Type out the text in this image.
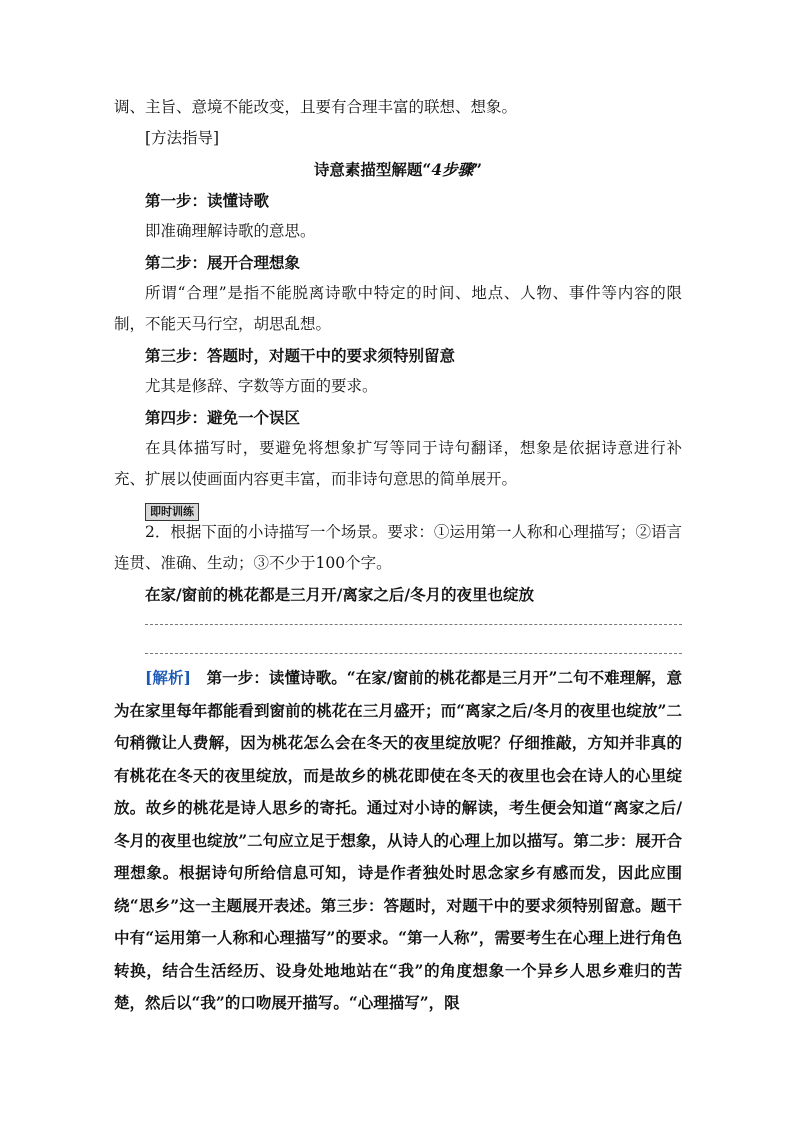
调、主旨、意境不能改变，且要有合理丰富的联想、想象。

[方法指导]

诗意素描型解题“4步骤”

第一步：读懂诗歌

即准确理解诗歌的意思。

第二步：展开合理想象

所谓“合理”是指不能脱离诗歌中特定的时间、地点、人物、事件等内容的限制，不能天马行空，胡思乱想。

第三步：答题时，对题干中的要求须特别留意

尤其是修辞、字数等方面的要求。

第四步：避免一个误区

在具体描写时，要避免将想象扩写等同于诗句翻译，想象是依据诗意进行补充、扩展以使画面内容更丰富，而非诗句意思的简单展开。

即时训练

2．根据下面的小诗描写一个场景。要求：①运用第一人称和心理描写；②语言连贯、准确、生动；③不少于100个字。

在家/窗前的桃花都是三月开/离家之后/冬月的夜里也绽放

[解析]　 第一步：读懂诗歌。“在家/窗前的桃花都是三月开”二句不难理解，意为在家里每年都能看到窗前的桃花在三月盛开；而“离家之后/冬月的夜里也绽放”二句稍微让人费解，因为桃花怎么会在冬天的夜里绽放呢？仔细推敲，方知并非真的有桃花在冬天的夜里绽放，而是故乡的桃花即使在冬天的夜里也会在诗人的心里绽放。故乡的桃花是诗人思乡的寄托。通过对小诗的解读，考生便会知道“离家之后/冬月的夜里也绽放”二句应立足于想象，从诗人的心理上加以描写。第二步：展开合理想象。根据诗句所给信息可知，诗是作者独处时思念家乡有感而发，因此应围绕“思乡”这一主题展开表述。第三步：答题时，对题干中的要求须特别留意。题干中有“运用第一人称和心理描写”的要求。“第一人称”，需要考生在心理上进行角色转换，结合生活经历、设身处地地站在“我”的角度想象一个异乡人思乡难归的苦楚，然后以“我”的口吻展开描写。“心理描写”，限
